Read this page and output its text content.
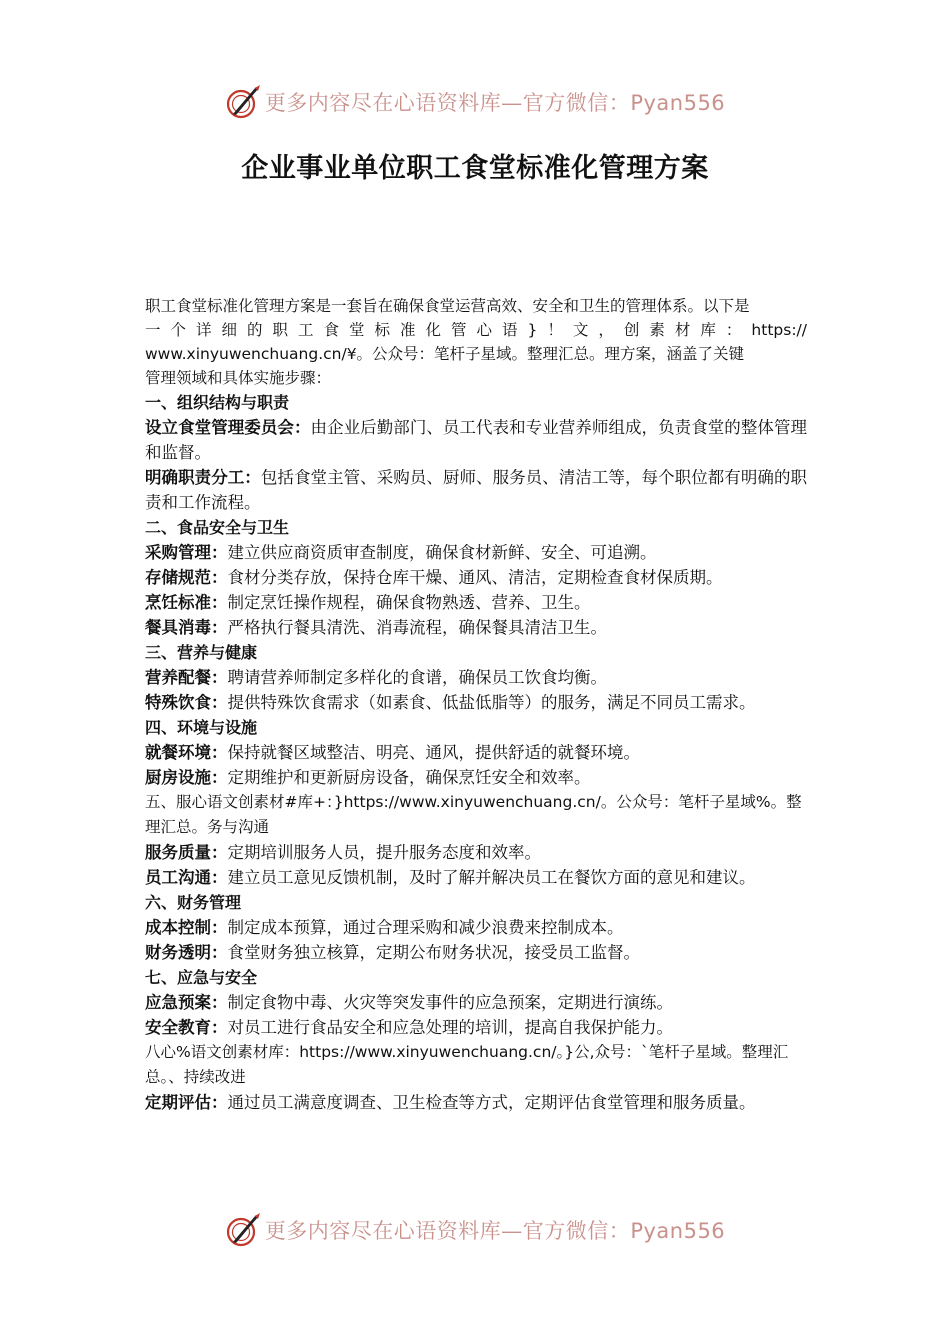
更多内容尽在心语资料库—官方微信：Pyan556
企业事业单位职工食堂标准化管理方案
职工食堂标准化管理方案是一套旨在确保食堂运营高效、安全和卫生的管理体系。以下是
一个详细的职工食堂标准化管心语}！文，创素材库：https://
www.xinyuwenchuang.cn/¥。公众号：笔杆子星域。整理汇总。理方案，涵盖了关键
管理领域和具体实施步骤：
一、组织结构与职责

设立食堂管理委员会：由企业后勤部门、员工代表和专业营养师组成，负责食堂的整体管理和监督。

明确职责分工：包括食堂主管、采购员、厨师、服务员、清洁工等，每个职位都有明确的职责和工作流程。

二、食品安全与卫生

采购管理：建立供应商资质审查制度，确保食材新鲜、安全、可追溯。

存储规范：食材分类存放，保持仓库干燥、通风、清洁，定期检查食材保质期。

烹饪标准：制定烹饪操作规程，确保食物熟透、营养、卫生。

餐具消毒：严格执行餐具清洗、消毒流程，确保餐具清洁卫生。

三、营养与健康

营养配餐：聘请营养师制定多样化的食谱，确保员工饮食均衡。

特殊饮食：提供特殊饮食需求（如素食、低盐低脂等）的服务，满足不同员工需求。

四、环境与设施

就餐环境：保持就餐区域整洁、明亮、通风，提供舒适的就餐环境。

厨房设施：定期维护和更新厨房设备，确保烹饪安全和效率。

五、服心语文创素材#库+：}https://www.xinyuwenchuang.cn/。公众号：笔杆子星域%。整理汇总。务与沟通

服务质量：定期培训服务人员，提升服务态度和效率。

员工沟通：建立员工意见反馈机制，及时了解并解决员工在餐饮方面的意见和建议。

六、财务管理

成本控制：制定成本预算，通过合理采购和减少浪费来控制成本。

财务透明：食堂财务独立核算，定期公布财务状况，接受员工监督。

七、应急与安全

应急预案：制定食物中毒、火灾等突发事件的应急预案，定期进行演练。

安全教育：对员工进行食品安全和应急处理的培训，提高自我保护能力。

八心%语文创素材库：https://www.xinyuwenchuang.cn/。}公,众号：`笔杆子星域。整理汇总。、持续改进

定期评估：通过员工满意度调查、卫生检查等方式，定期评估食堂管理和服务质量。

更多内容尽在心语资料库—官方微信：Pyan556
